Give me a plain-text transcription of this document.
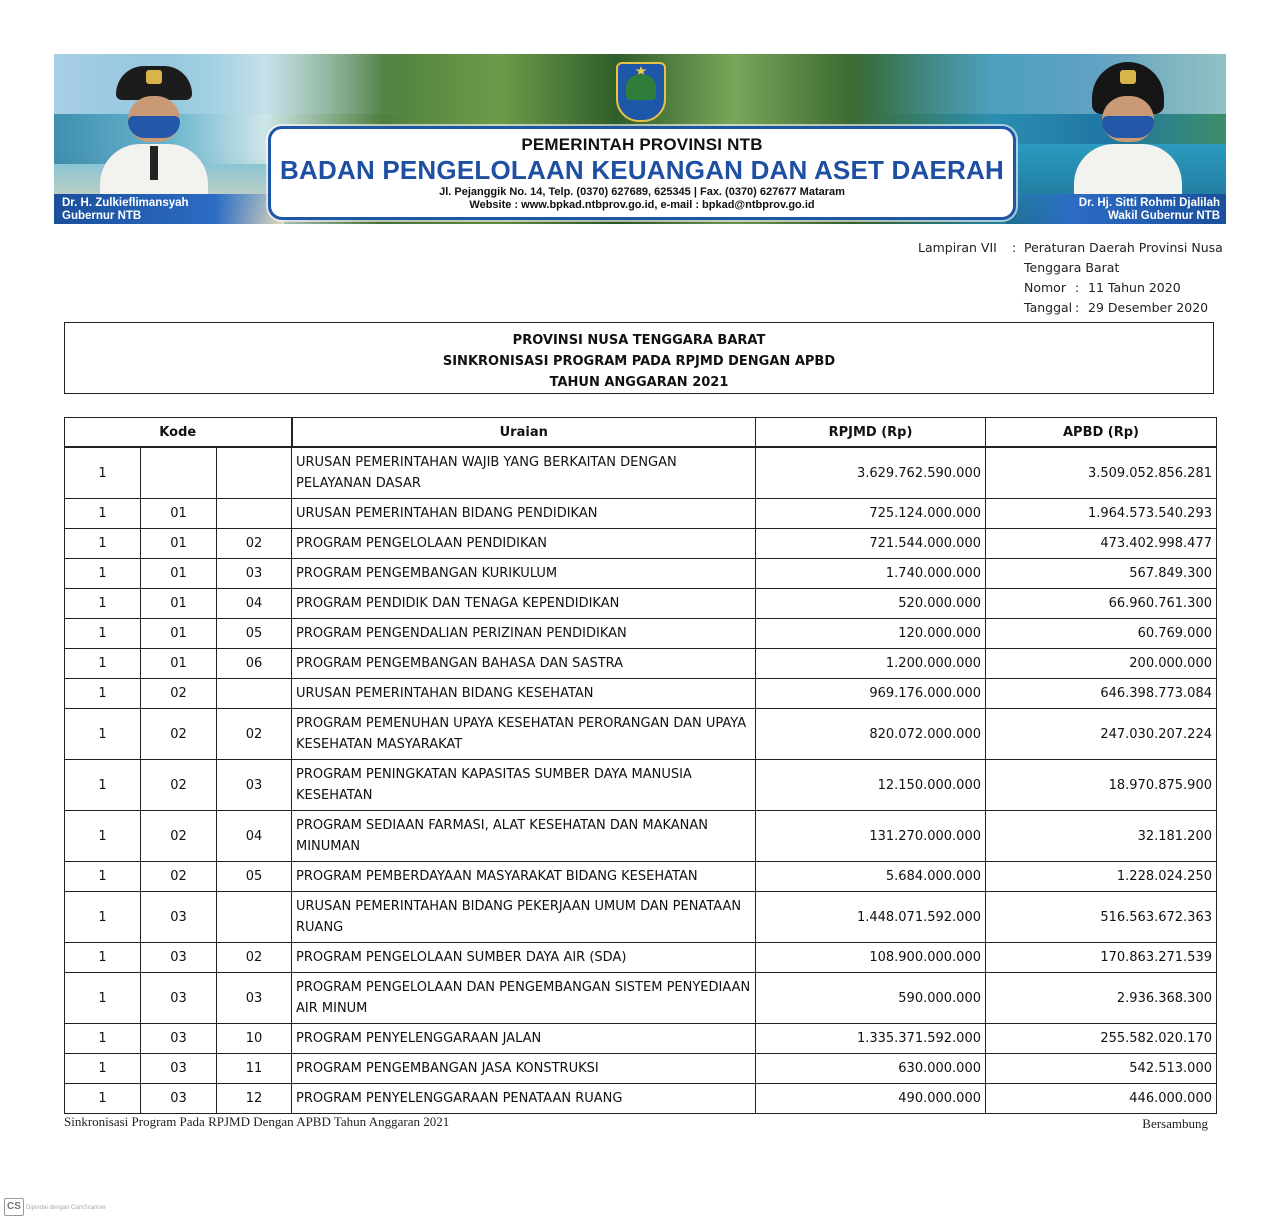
Dr. H. Zulkieflimansyah
Gubernur NTB
Dr. Hj. Sitti Rohmi Djalilah
Wakil Gubernur NTB
PEMERINTAH PROVINSI NTB
BADAN PENGELOLAAN KEUANGAN DAN ASET DAERAH
Jl. Pejanggik No. 14, Telp. (0370) 627689, 625345 | Fax. (0370) 627677 Mataram
Website : www.bpkad.ntbprov.go.id, e-mail : bpkad@ntbprov.go.id
Lampiran VII : Peraturan Daerah Provinsi Nusa
Tenggara Barat
Nomor : 11 Tahun 2020
Tanggal : 29 Desember 2020
PROVINSI NUSA TENGGARA BARAT
SINKRONISASI PROGRAM PADA RPJMD DENGAN APBD
TAHUN ANGGARAN 2021
Kode			Uraian	RPJMD (Rp)	APBD (Rp)
1			URUSAN PEMERINTAHAN WAJIB YANG BERKAITAN DENGAN PELAYANAN DASAR	3.629.762.590.000	3.509.052.856.281
1	01		URUSAN PEMERINTAHAN BIDANG PENDIDIKAN	725.124.000.000	1.964.573.540.293
1	01	02	PROGRAM PENGELOLAAN PENDIDIKAN	721.544.000.000	473.402.998.477
1	01	03	PROGRAM PENGEMBANGAN KURIKULUM	1.740.000.000	567.849.300
1	01	04	PROGRAM PENDIDIK DAN TENAGA KEPENDIDIKAN	520.000.000	66.960.761.300
1	01	05	PROGRAM PENGENDALIAN PERIZINAN PENDIDIKAN	120.000.000	60.769.000
1	01	06	PROGRAM PENGEMBANGAN BAHASA DAN SASTRA	1.200.000.000	200.000.000
1	02		URUSAN PEMERINTAHAN BIDANG KESEHATAN	969.176.000.000	646.398.773.084
1	02	02	PROGRAM PEMENUHAN UPAYA KESEHATAN PERORANGAN DAN UPAYA KESEHATAN MASYARAKAT	820.072.000.000	247.030.207.224
1	02	03	PROGRAM PENINGKATAN KAPASITAS SUMBER DAYA MANUSIA KESEHATAN	12.150.000.000	18.970.875.900
1	02	04	PROGRAM SEDIAAN FARMASI, ALAT KESEHATAN DAN MAKANAN MINUMAN	131.270.000.000	32.181.200
1	02	05	PROGRAM PEMBERDAYAAN MASYARAKAT BIDANG KESEHATAN	5.684.000.000	1.228.024.250
1	03		URUSAN PEMERINTAHAN BIDANG PEKERJAAN UMUM DAN PENATAAN RUANG	1.448.071.592.000	516.563.672.363
1	03	02	PROGRAM PENGELOLAAN SUMBER DAYA AIR (SDA)	108.900.000.000	170.863.271.539
1	03	03	PROGRAM PENGELOLAAN DAN PENGEMBANGAN SISTEM PENYEDIAAN AIR MINUM	590.000.000	2.936.368.300
1	03	10	PROGRAM PENYELENGGARAAN JALAN	1.335.371.592.000	255.582.020.170
1	03	11	PROGRAM PENGEMBANGAN JASA KONSTRUKSI	630.000.000	542.513.000
1	03	12	PROGRAM PENYELENGGARAAN PENATAAN RUANG	490.000.000	446.000.000
Sinkronisasi Program Pada RPJMD Dengan APBD Tahun Anggaran 2021	Bersambung
CS Dipindai dengan CamScanner
